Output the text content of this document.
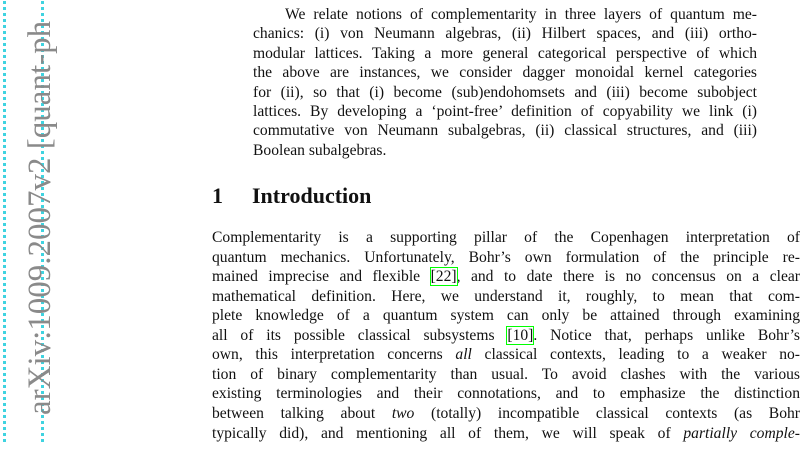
arXiv:1009.2007v2 [quant-ph
We relate notions of complementarity in three layers of quantum me-
chanics: (i) von Neumann algebras, (ii) Hilbert spaces, and (iii) ortho-
modular lattices. Taking a more general categorical perspective of which
the above are instances, we consider dagger monoidal kernel categories
for (ii), so that (i) become (sub)endohomsets and (iii) become subobject
lattices. By developing a ‘point-free’ definition of copyability we link (i)
commutative von Neumann subalgebras, (ii) classical structures, and (iii)
Boolean subalgebras.
1 Introduction
Complementarity is a supporting pillar of the Copenhagen interpretation of
quantum mechanics. Unfortunately, Bohr’s own formulation of the principle re-
mained imprecise and flexible [22], and to date there is no concensus on a clear
mathematical definition. Here, we understand it, roughly, to mean that com-
plete knowledge of a quantum system can only be attained through examining
all of its possible classical subsystems [10]. Notice that, perhaps unlike Bohr’s
own, this interpretation concerns all classical contexts, leading to a weaker no-
tion of binary complementarity than usual. To avoid clashes with the various
existing terminologies and their connotations, and to emphasize the distinction
between talking about two (totally) incompatible classical contexts (as Bohr
typically did), and mentioning all of them, we will speak of partially comple-
